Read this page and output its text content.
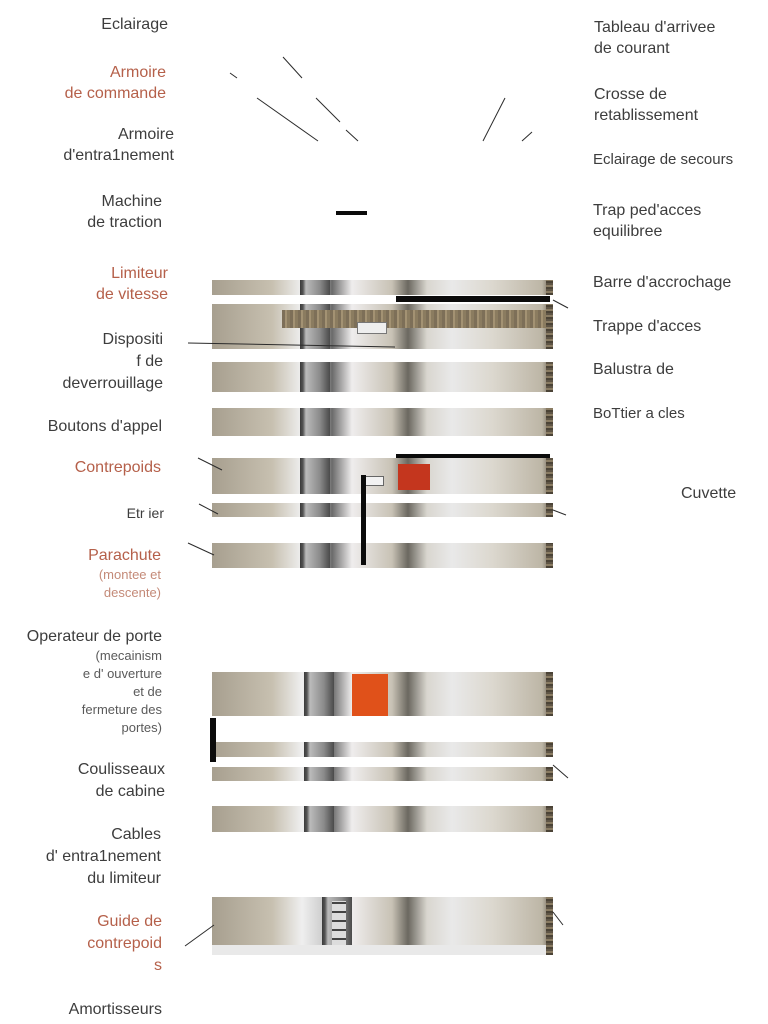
Eclairage
Armoire
de commande
Armoire
d'entra1nement
Machine
de traction
Limiteur
de vitesse
Dispositi
f de
deverrouillage
Boutons d'appel
Contrepoids
Etr ier
Parachute
(montee et
descente)
Operateur de porte
(mecainism
e d' ouverture
et de
fermeture des
portes)
Coulisseaux
de cabine
Cables
d' entra1nement
du limiteur
Guide de
contrepoid
s
Amortisseurs
Tableau d'arrivee
de courant
Crosse de
retablissement
Eclairage de secours
Trap ped'acces
equilibree
Barre d'accrochage
Trappe d'acces
Balustra de
BoTtier a cles
Cuvette
